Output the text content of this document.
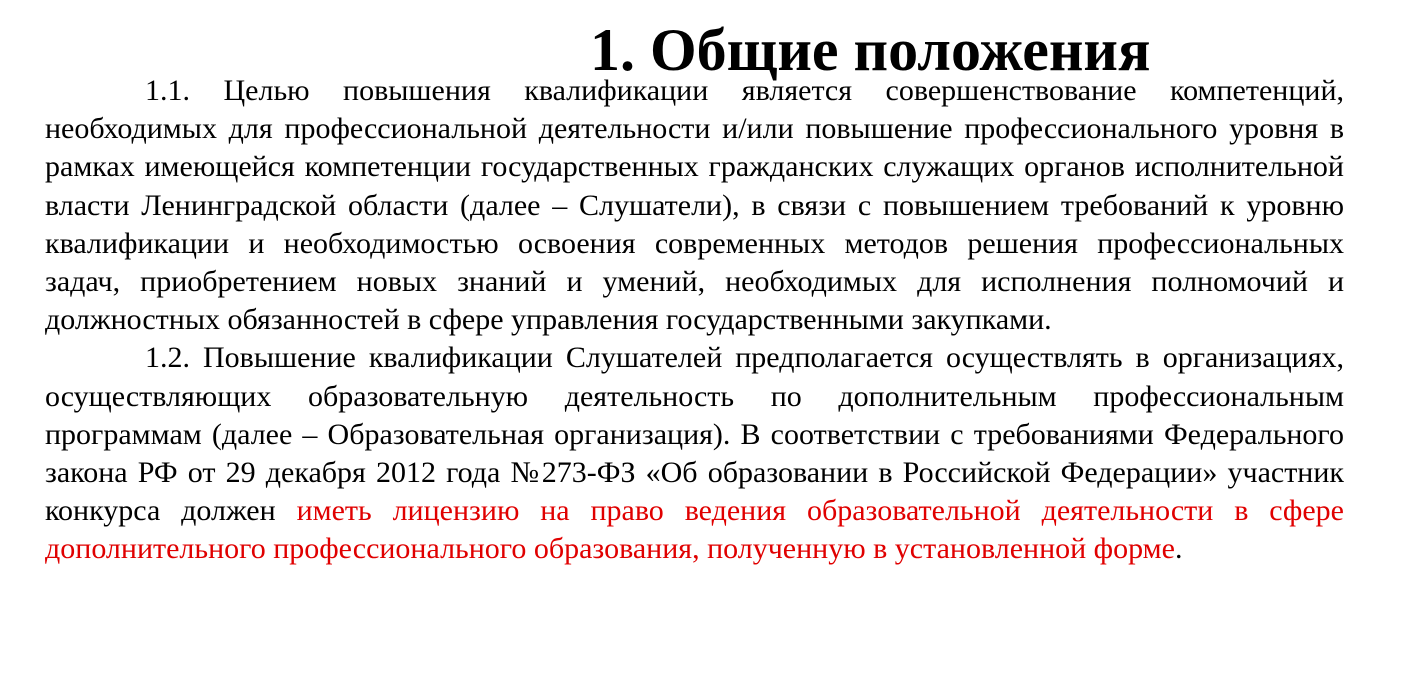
1. Общие положения

1.1. Целью повышения квалификации является совершенствование компетенций, необходимых для профессиональной деятельности и/или повышение профессионального уровня в рамках имеющейся компетенции государственных гражданских служащих органов исполнительной власти Ленинградской области (далее – Слушатели), в связи с повышением требований к уровню квалификации и необходимостью освоения современных методов решения профессиональных задач, приобретением новых знаний и умений, необходимых для исполнения полномочий и должностных обязанностей в сфере управления государственными закупками.

1.2. Повышение квалификации Слушателей предполагается осуществлять в организациях, осуществляющих образовательную деятельность по дополнительным профессиональным программам (далее – Образовательная организация). В соответствии с требованиями Федерального закона РФ от 29 декабря 2012 года №273-ФЗ «Об образовании в Российской Федерации» участник конкурса должен иметь лицензию на право ведения образовательной деятельности в сфере дополнительного профессионального образования, полученную в установленной форме.
